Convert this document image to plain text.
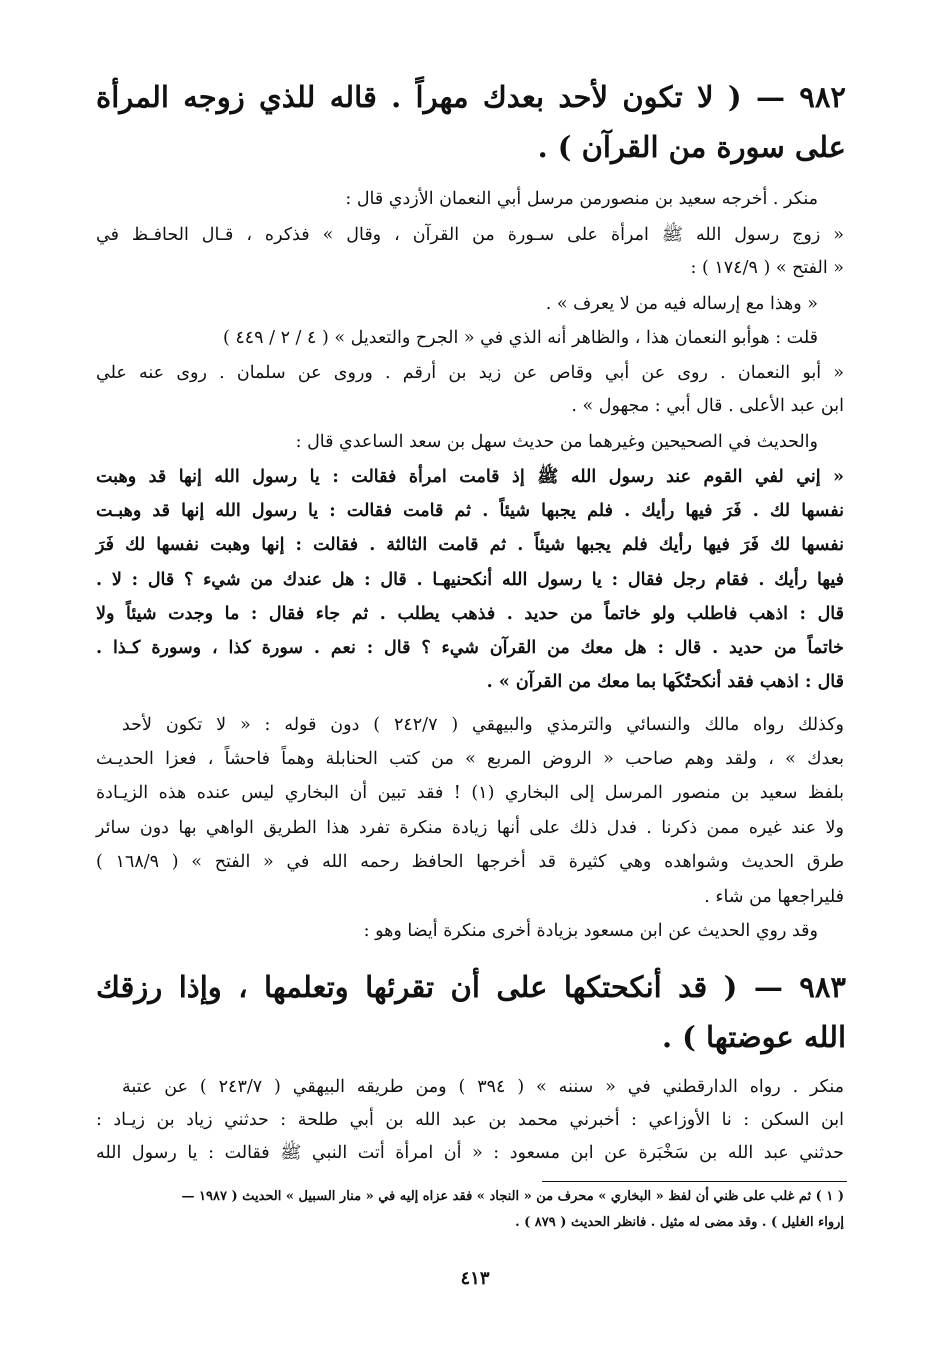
٩٨٢ — ( لا تكون لأحد بعدك مهراً . قاله للذي زوجه المرأة
على سورة من القرآن ) .
منكر . أخرجه سعيد بن منصورمن مرسل أبي النعمان الأزدي قال :
« زوج رسول الله ﷺ امرأة على سـورة من القرآن ، وقال » فذكره ، قـال الحافـظ في
« الفتح » ( ١٧٤/٩ ) :
« وهذا مع إرساله فيه من لا يعرف » .
قلت : هوأبو النعمان هذا ، والظاهر أنه الذي في « الجرح والتعديل » ( ٤ / ٢ / ٤٤٩ )
« أبو النعمان . روى عن أبي وقاص عن زيد بن أرقم . وروى عن سلمان . روى عنه علي
ابن عبد الأعلى . قال أبي : مجهول » .
والحديث في الصحيحين وغيرهما من حديث سهل بن سعد الساعدي قال :
« إني لفي القوم عند رسول الله ﷺ إذ قامت امرأة فقالت : يا رسول الله إنها قد وهبت
نفسها لك . فَرَ فيها رأيك . فلم يجبها شيئاً . ثم قامت فقالت : يا رسول الله إنها قد وهبـت
نفسها لك فَرَ فيها رأيك فلم يجبها شيئاً . ثم قامت الثالثة . فقالت : إنها وهبت نفسها لك فَرَ
فيها رأيك . فقام رجل فقال : يا رسول الله أنكحنيهـا . قال : هل عندك من شيء ؟ قال : لا .
قال : اذهب فاطلب ولو خاتماً من حديد . فذهب يطلب . ثم جاء فقال : ما وجدت شيئاً ولا
خاتماً من حديد . قال : هل معك من القرآن شيء ؟ قال : نعم . سورة كذا ، وسورة كـذا .
قال : اذهب فقد أنكحتُكَها بما معك من القرآن » .
وكذلك رواه مالك والنسائي والترمذي والبيهقي ( ٢٤٢/٧ ) دون قوله : « لا تكون لأحد
بعدك » ، ولقد وهم صاحب « الروض المربع » من كتب الحنابلة وهماً فاحشاً ، فعزا الحديـث
بلفظ سعيد بن منصور المرسل إلى البخاري (١) ! فقد تبين أن البخاري ليس عنده هذه الزيـادة
ولا عند غيره ممن ذكرنا . فدل ذلك على أنها زيادة منكرة تفرد هذا الطريق الواهي بها دون سائر
طرق الحديث وشواهده وهي كثيرة قد أخرجها الحافظ رحمه الله في « الفتح » ( ١٦٨/٩ )
فليراجعها من شاء .
وقد روي الحديث عن ابن مسعود بزيادة أخرى منكرة أيضا وهو :
٩٨٣ — ( قد أنكحتكها على أن تقرئها وتعلمها ، وإذا رزقك
الله عوضتها ) .
منكر . رواه الدارقطني في « سننه » ( ٣٩٤ ) ومن طريقه البيهقي ( ٢٤٣/٧ ) عن عتبة
ابن السكن : نا الأوزاعي : أخبرني محمد بن عبد الله بن أبي طلحة : حدثني زياد بن زيـاد :
حدثني عبد الله بن سَخْبَرة عن ابن مسعود : « أن امرأة أتت النبي ﷺ فقالت : يا رسول الله
( ١ ) ثم غلب على ظني أن لفظ « البخاري » محرف من « النجاد » فقد عزاه إليه في « منار السبيل » الحديث ( ١٩٨٧ —
إرواء الغليل ) . وقد مضى له مثيل . فانظر الحديث ( ٨٧٩ ) .
٤١٣
